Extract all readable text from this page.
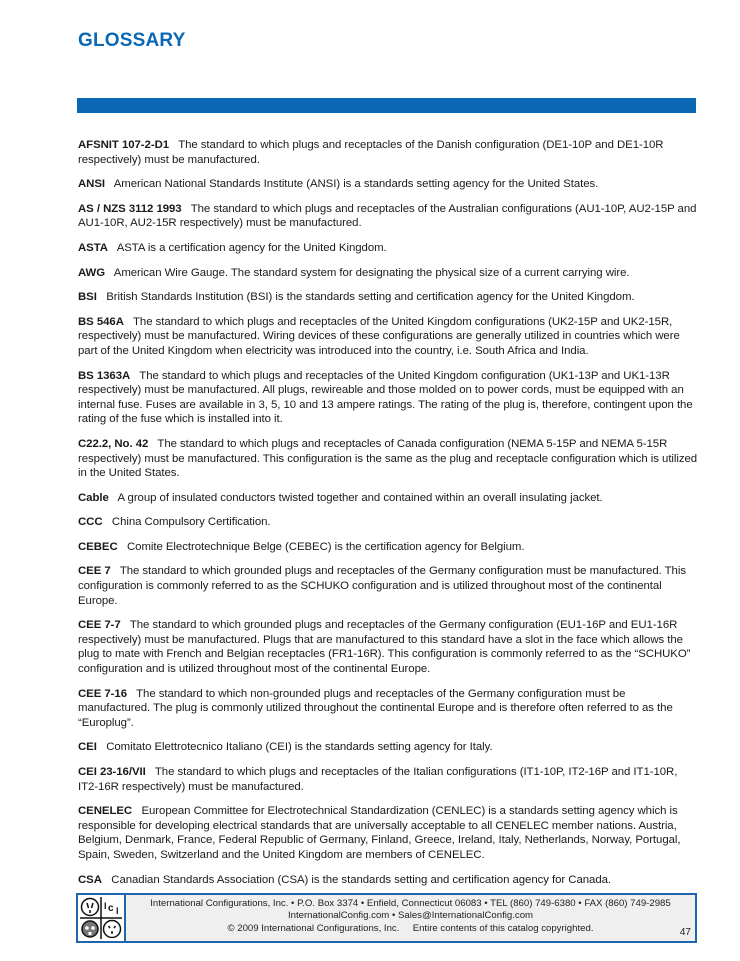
GLOSSARY
AFSNIT 107-2-D1 The standard to which plugs and receptacles of the Danish configuration (DE1-10P and DE1-10R respectively) must be manufactured.
ANSI American National Standards Institute (ANSI) is a standards setting agency for the United States.
AS / NZS 3112 1993 The standard to which plugs and receptacles of the Australian configurations (AU1-10P, AU2-15P and AU1-10R, AU2-15R respectively) must be manufactured.
ASTA ASTA is a certification agency for the United Kingdom.
AWG American Wire Gauge. The standard system for designating the physical size of a current carrying wire.
BSI British Standards Institution (BSI) is the standards setting and certification agency for the United Kingdom.
BS 546A The standard to which plugs and receptacles of the United Kingdom configurations (UK2-15P and UK2-15R, respectively) must be manufactured. Wiring devices of these configurations are generally utilized in countries which were part of the United Kingdom when electricity was introduced into the country, i.e. South Africa and India.
BS 1363A The standard to which plugs and receptacles of the United Kingdom configuration (UK1-13P and UK1-13R respectively) must be manufactured. All plugs, rewireable and those molded on to power cords, must be equipped with an internal fuse. Fuses are available in 3, 5, 10 and 13 ampere ratings. The rating of the plug is, therefore, contingent upon the rating of the fuse which is installed into it.
C22.2, No. 42 The standard to which plugs and receptacles of Canada configuration (NEMA 5-15P and NEMA 5-15R respectively) must be manufactured. This configuration is the same as the plug and receptacle configuration which is utilized in the United States.
Cable A group of insulated conductors twisted together and contained within an overall insulating jacket.
CCC China Compulsory Certification.
CEBEC Comite Electrotechnique Belge (CEBEC) is the certification agency for Belgium.
CEE 7 The standard to which grounded plugs and receptacles of the Germany configuration must be manufactured. This configuration is commonly referred to as the SCHUKO configuration and is utilized throughout most of the continental Europe.
CEE 7-7 The standard to which grounded plugs and receptacles of the Germany configuration (EU1-16P and EU1-16R respectively) must be manufactured. Plugs that are manufactured to this standard have a slot in the face which allows the plug to mate with French and Belgian receptacles (FR1-16R). This configuration is commonly referred to as the “SCHUKO” configuration and is utilized throughout most of the continental Europe.
CEE 7-16 The standard to which non-grounded plugs and receptacles of the Germany configuration must be manufactured. The plug is commonly utilized throughout the continental Europe and is therefore often referred to as the “Europlug”.
CEI Comitato Elettrotecnico Italiano (CEI) is the standards setting agency for Italy.
CEI 23-16/VII The standard to which plugs and receptacles of the Italian configurations (IT1-10P, IT2-16P and IT1-10R, IT2-16R respectively) must be manufactured.
CENELEC European Committee for Electrotechnical Standardization (CENLEC) is a standards setting agency which is responsible for developing electrical standards that are universally acceptable to all CENELEC member nations. Austria, Belgium, Denmark, France, Federal Republic of Germany, Finland, Greece, Ireland, Italy, Netherlands, Norway, Portugal, Spain, Sweden, Switzerland and the United Kingdom are members of CENELEC.
CSA Canadian Standards Association (CSA) is the standards setting and certification agency for Canada.
I c I
International Configurations, Inc. • P.O. Box 3374 • Enfield, Connecticut 06083 • TEL (860) 749-6380 • FAX (860) 749-2985
InternationalConfig.com • Sales@InternationalConfig.com
© 2009 International Configurations, Inc.     Entire contents of this catalog copyrighted.	47
